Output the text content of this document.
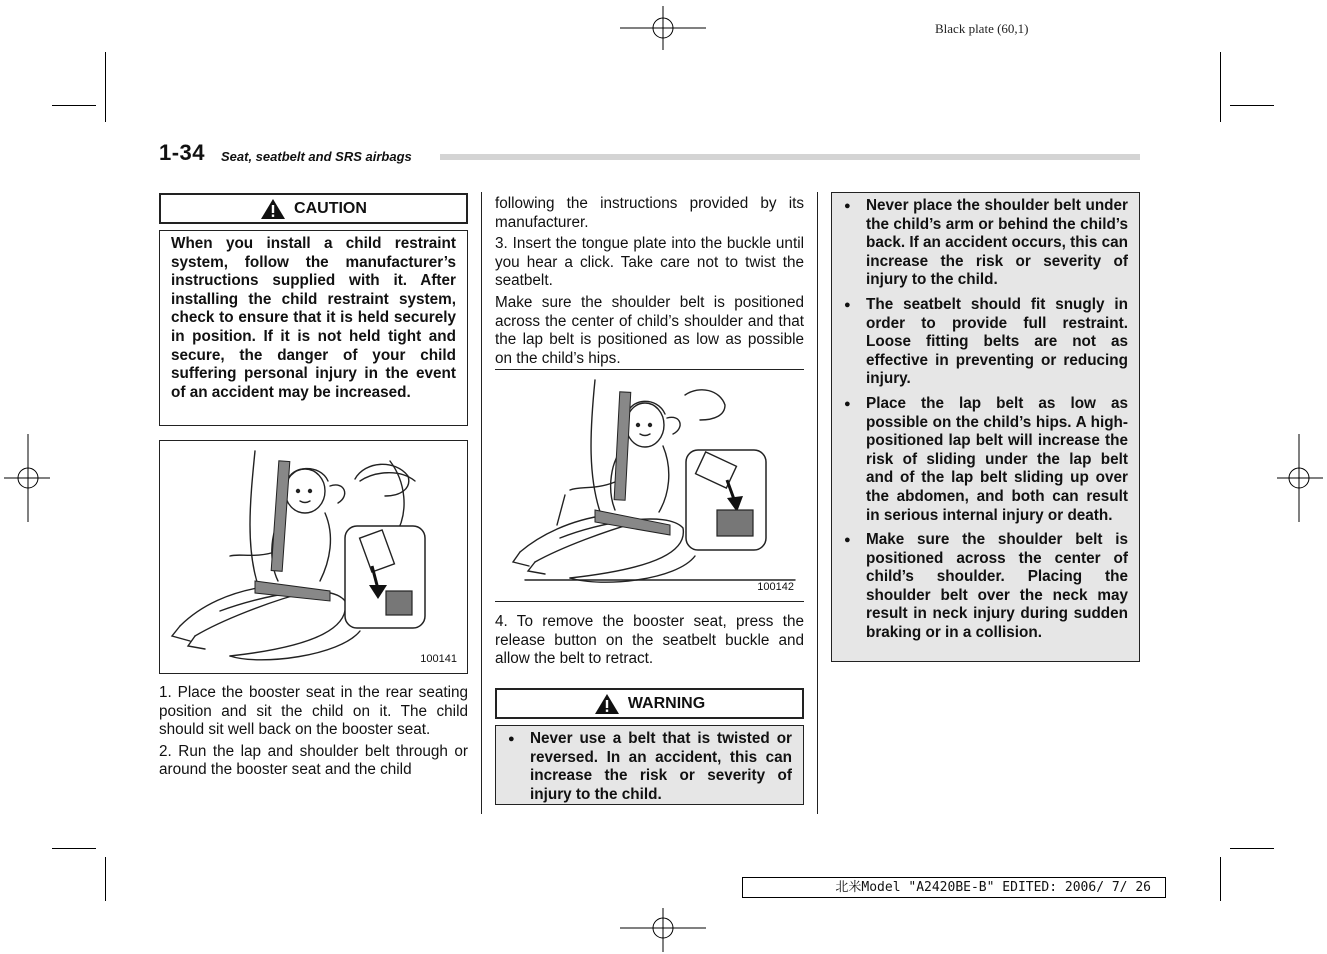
Black plate (60,1)
1-34 Seat, seatbelt and SRS airbags
CAUTION
When you install a child restraint system, follow the manufacturer’s instructions supplied with it. After installing the child restraint system, check to ensure that it is held securely in position. If it is not held tight and secure, the danger of your child suffering personal injury in the event of an accident may be increased.
100141

1. Place the booster seat in the rear seating position and sit the child on it. The child should sit well back on the booster seat.

2. Run the lap and shoulder belt through or around the booster seat and the child

following the instructions provided by its manufacturer.

3. Insert the tongue plate into the buckle until you hear a click. Take care not to twist the seatbelt.

Make sure the shoulder belt is positioned across the center of child’s shoulder and that the lap belt is positioned as low as possible on the child’s hips.

100142

4. To remove the booster seat, press the release button on the seatbelt buckle and allow the belt to retract.

WARNING
● Never use a belt that is twisted or reversed. In an accident, this can increase the risk or severity of injury to the child.
● Never place the shoulder belt under the child’s arm or behind the child’s back. If an accident occurs, this can increase the risk or severity of injury to the child.
● The seatbelt should fit snugly in order to provide full restraint. Loose fitting belts are not as effective in preventing or reducing injury.
● Place the lap belt as low as possible on the child’s hips. A high-positioned lap belt will increase the risk of sliding under the lap belt and of the lap belt sliding up over the abdomen, and both can result in serious internal injury or death.
● Make sure the shoulder belt is positioned across the center of child’s shoulder. Placing the shoulder belt over the neck may result in neck injury during sudden braking or in a collision.
北米Model "A2420BE-B" EDITED: 2006/ 7/ 26
